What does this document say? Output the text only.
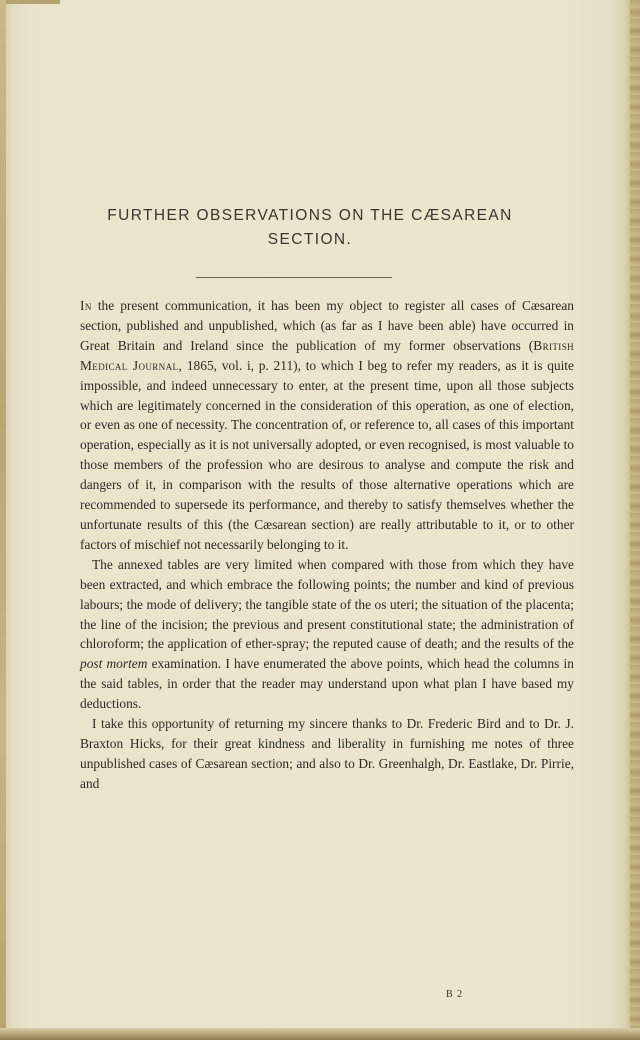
FURTHER OBSERVATIONS ON THE CÆSAREAN
SECTION.

In the present communication, it has been my object to register all cases of Cæsarean section, published and unpublished, which (as far as I have been able) have occurred in Great Britain and Ireland since the publication of my former observations (British Medical Journal, 1865, vol. i, p. 211), to which I beg to refer my readers, as it is quite impossible, and indeed unnecessary to enter, at the present time, upon all those subjects which are legitimately concerned in the consideration of this operation, as one of election, or even as one of necessity. The concentration of, or reference to, all cases of this important operation, especially as it is not universally adopted, or even recognised, is most valuable to those members of the profession who are desirous to analyse and compute the risk and dangers of it, in comparison with the results of those alternative operations which are recommended to supersede its performance, and thereby to satisfy themselves whether the unfortunate results of this (the Cæsarean section) are really attributable to it, or to other factors of mischief not necessarily belonging to it.

The annexed tables are very limited when compared with those from which they have been extracted, and which embrace the following points; the number and kind of previous labours; the mode of delivery; the tangible state of the os uteri; the situation of the placenta; the line of the incision; the previous and present constitutional state; the administration of chloroform; the application of ether-spray; the reputed cause of death; and the results of the post mortem examination. I have enumerated the above points, which head the columns in the said tables, in order that the reader may understand upon what plan I have based my deductions.

I take this opportunity of returning my sincere thanks to Dr. Frederic Bird and to Dr. J. Braxton Hicks, for their great kindness and liberality in furnishing me notes of three unpublished cases of Cæsarean section; and also to Dr. Greenhalgh, Dr. Eastlake, Dr. Pirrie, and

B 2
